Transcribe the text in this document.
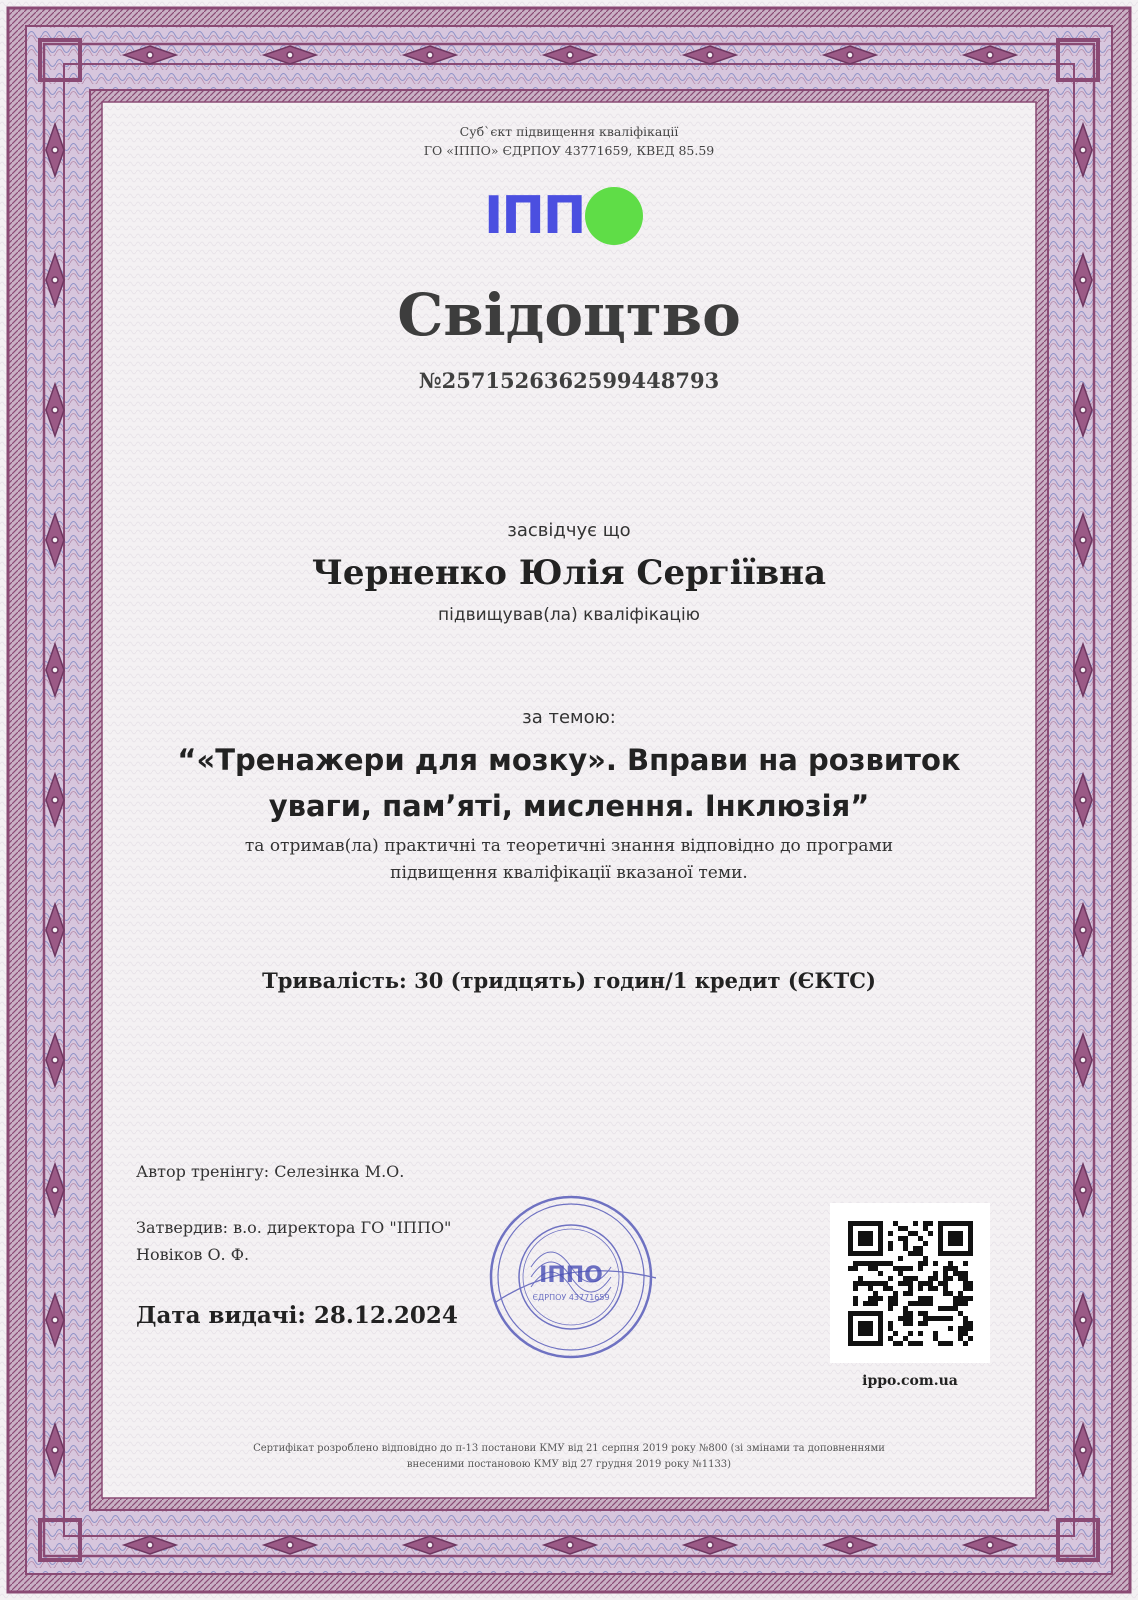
Суб`єкт підвищення кваліфікації
ГО «ІППО» ЄДРПОУ 43771659, КВЕД 85.59
ІПП
Свідоцтво
№2571526362599448793
засвідчує що
Черненко Юлія Сергіївна
підвищував(ла) кваліфікацію
за темою:
“«Тренажери для мозку». Вправи на розвиток
уваги, пам’яті, мислення. Інклюзія”
та отримав(ла) практичні та теоретичні знання відповідно до програми
підвищення кваліфікації вказаної теми.
Тривалість: 30 (тридцять) годин/1 кредит (ЄКТС)
Автор тренінгу: Селезінка М.О.
Затвердив: в.о. директора ГО "ІППО"
Новіков О. Ф.
Дата видачі: 28.12.2024
ІППО
ЄДРПОУ 43771659
ippo.com.ua
Сертифікат розроблено відповідно до п-13 постанови КМУ від 21 серпня 2019 року №800 (зі змінами та доповненнями
внесеними постановою КМУ від 27 грудня 2019 року №1133)
